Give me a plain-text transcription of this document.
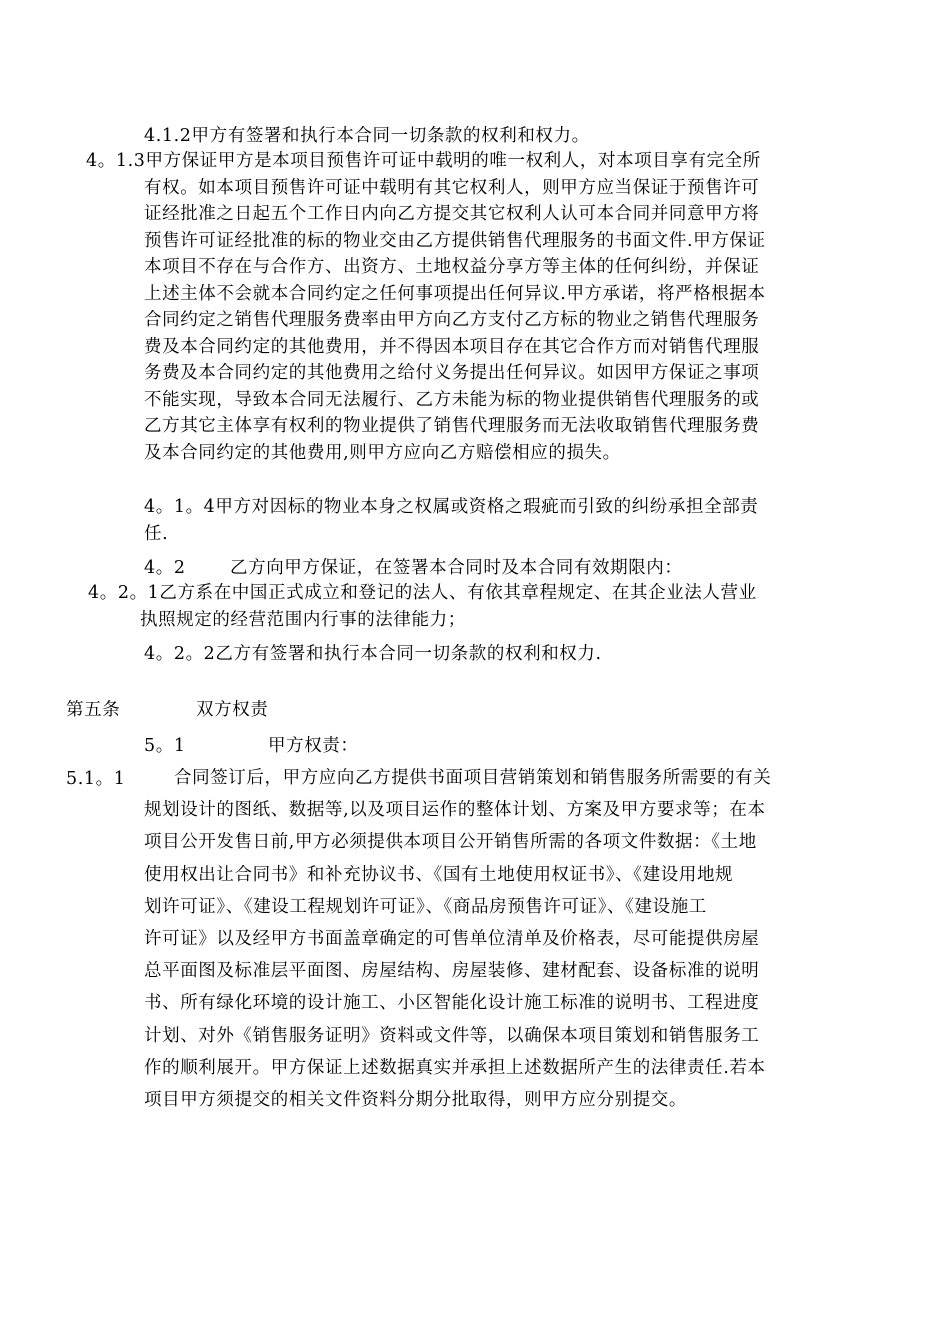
4.1.2甲方有签署和执行本合同一切条款的权利和权力。
4。1.3甲方保证甲方是本项目预售许可证中载明的唯一权利人，对本项目享有完全所
有权。如本项目预售许可证中载明有其它权利人，则甲方应当保证于预售许可
证经批准之日起五个工作日内向乙方提交其它权利人认可本合同并同意甲方将
预售许可证经批准的标的物业交由乙方提供销售代理服务的书面文件.甲方保证
本项目不存在与合作方、出资方、土地权益分享方等主体的任何纠纷，并保证
上述主体不会就本合同约定之任何事项提出任何异议.甲方承诺，将严格根据本
合同约定之销售代理服务费率由甲方向乙方支付乙方标的物业之销售代理服务
费及本合同约定的其他费用，并不得因本项目存在其它合作方而对销售代理服
务费及本合同约定的其他费用之给付义务提出任何异议。如因甲方保证之事项
不能实现，导致本合同无法履行、乙方未能为标的物业提供销售代理服务的或
乙方其它主体享有权利的物业提供了销售代理服务而无法收取销售代理服务费
及本合同约定的其他费用,则甲方应向乙方赔偿相应的损失。
4。1。4甲方对因标的物业本身之权属或资格之瑕疵而引致的纠纷承担全部责
任.
4。2	乙方向甲方保证，在签署本合同时及本合同有效期限内：
4。2。1乙方系在中国正式成立和登记的法人、有依其章程规定、在其企业法人营业
执照规定的经营范围内行事的法律能力；
4。2。2乙方有签署和执行本合同一切条款的权利和权力.
第五条	双方权责
5。1	甲方权责：
5.1。1	合同签订后，甲方应向乙方提供书面项目营销策划和销售服务所需要的有关
规划设计的图纸、数据等,以及项目运作的整体计划、方案及甲方要求等；在本
项目公开发售日前,甲方必须提供本项目公开销售所需的各项文件数据：《土地
使用权出让合同书》和补充协议书、《国有土地使用权证书》、《建设用地规
划许可证》、《建设工程规划许可证》、《商品房预售许可证》、《建设施工
许可证》以及经甲方书面盖章确定的可售单位清单及价格表，尽可能提供房屋
总平面图及标准层平面图、房屋结构、房屋装修、建材配套、设备标准的说明
书、所有绿化环境的设计施工、小区智能化设计施工标准的说明书、工程进度
计划、对外《销售服务证明》资料或文件等，以确保本项目策划和销售服务工
作的顺利展开。甲方保证上述数据真实并承担上述数据所产生的法律责任.若本
项目甲方须提交的相关文件资料分期分批取得，则甲方应分别提交。
